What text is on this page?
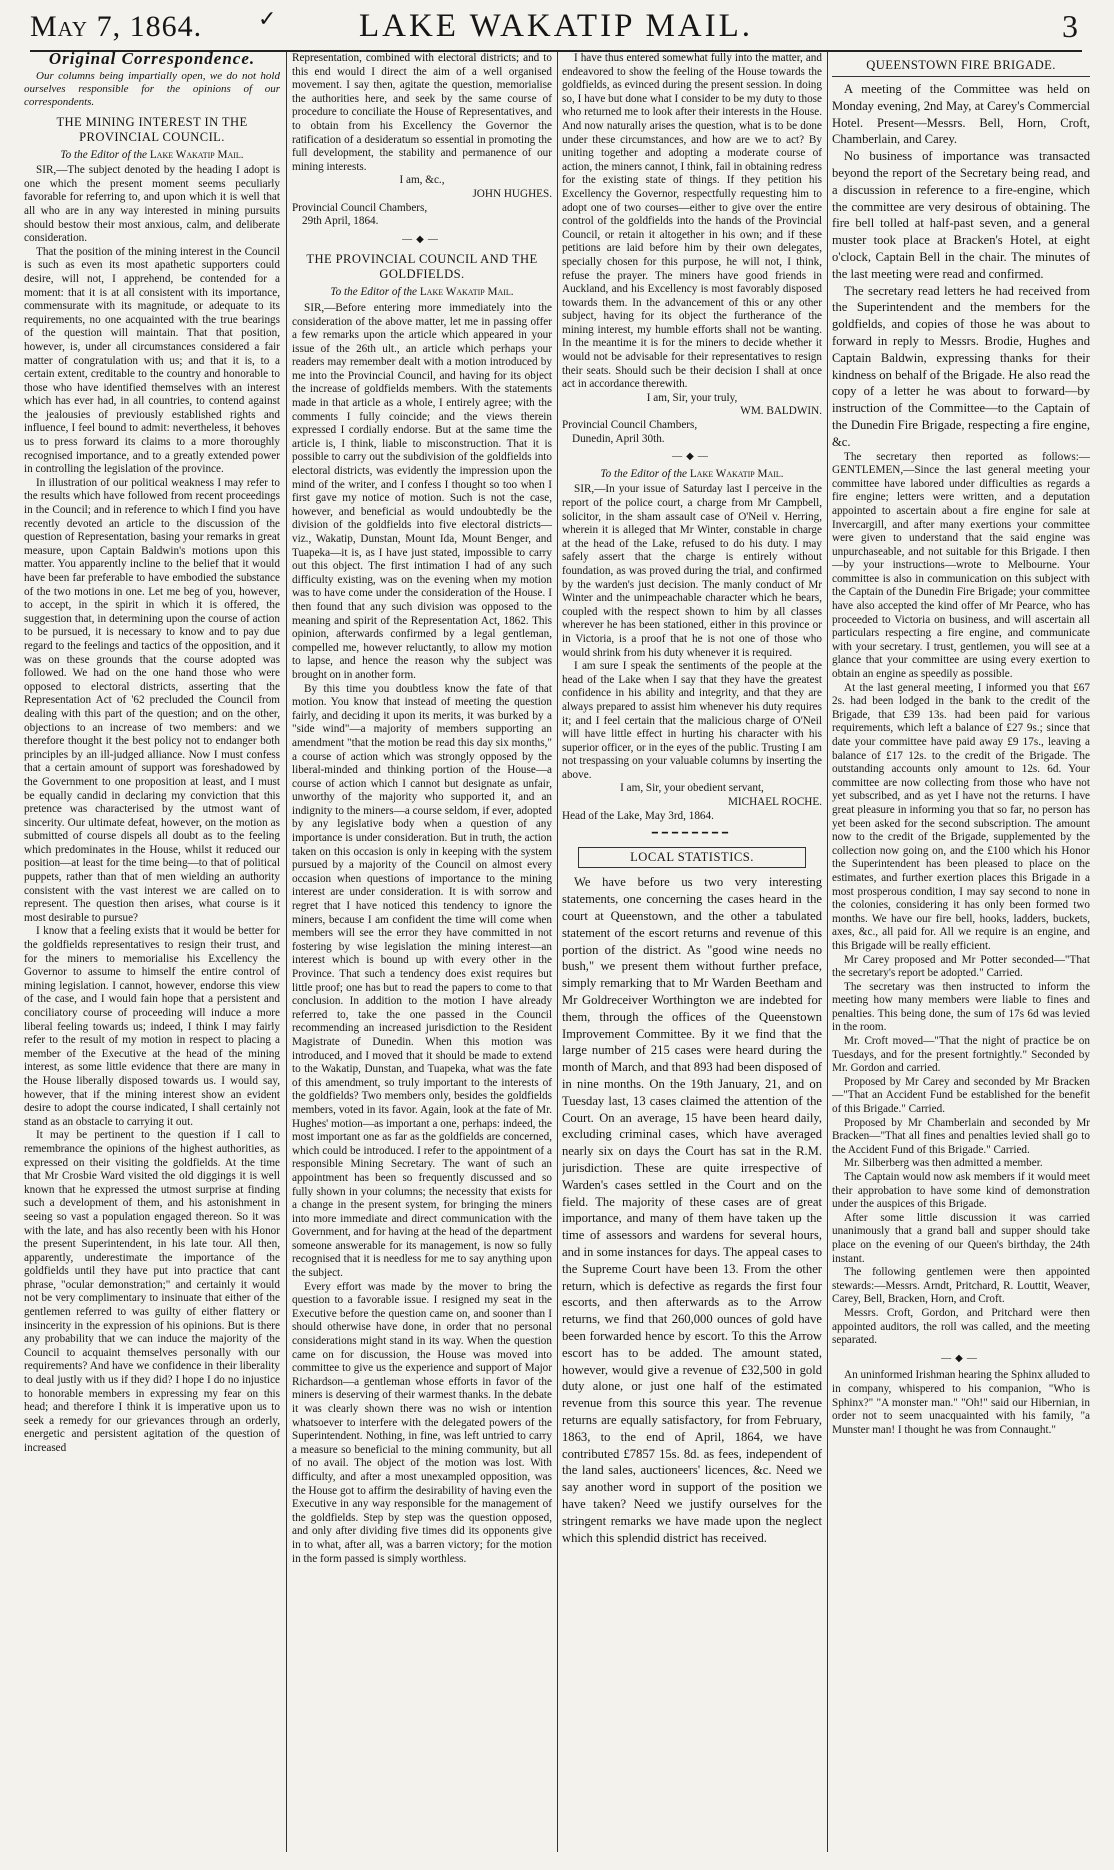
May 7, 1864.	✓	LAKE WAKATIP MAIL.	3
Original Correspondence.

Our columns being impartially open, we do not hold ourselves responsible for the opinions of our correspondents.

THE MINING INTEREST IN THE PROVINCIAL COUNCIL.
To the Editor of the Lake Wakatip Mail.

SIR,—The subject denoted by the heading I adopt is one which the present moment seems peculiarly favorable for referring to, and upon which it is well that all who are in any way interested in mining pursuits should bestow their most anxious, calm, and deliberate consideration.

That the position of the mining interest in the Council is such as even its most apathetic supporters could desire, will not, I apprehend, be contended for a moment: that it is at all consistent with its importance, commensurate with its magnitude, or adequate to its requirements, no one acquainted with the true bearings of the question will maintain. That that position, however, is, under all circumstances considered a fair matter of congratulation with us; and that it is, to a certain extent, creditable to the country and honorable to those who have identified themselves with an interest which has ever had, in all countries, to contend against the jealousies of previously established rights and influence, I feel bound to admit: nevertheless, it behoves us to press forward its claims to a more thoroughly recognised importance, and to a greatly extended power in controlling the legislation of the province.

In illustration of our political weakness I may refer to the results which have followed from recent proceedings in the Council; and in reference to which I find you have recently devoted an article to the discussion of the question of Representation, basing your remarks in great measure, upon Captain Baldwin's motions upon this matter. You apparently incline to the belief that it would have been far preferable to have embodied the substance of the two motions in one. Let me beg of you, however, to accept, in the spirit in which it is offered, the suggestion that, in determining upon the course of action to be pursued, it is necessary to know and to pay due regard to the feelings and tactics of the opposition, and it was on these grounds that the course adopted was followed. We had on the one hand those who were opposed to electoral districts, asserting that the Representation Act of '62 precluded the Council from dealing with this part of the question; and on the other, objections to an increase of two members: and we therefore thought it the best policy not to endanger both principles by an ill-judged alliance. Now I must confess that a certain amount of support was foreshadowed by the Government to one proposition at least, and I must be equally candid in declaring my conviction that this pretence was characterised by the utmost want of sincerity. Our ultimate defeat, however, on the motion as submitted of course dispels all doubt as to the feeling which predominates in the House, whilst it reduced our position—at least for the time being—to that of political puppets, rather than that of men wielding an authority consistent with the vast interest we are called on to represent. The question then arises, what course is it most desirable to pursue?

I know that a feeling exists that it would be better for the goldfields representatives to resign their trust, and for the miners to memorialise his Excellency the Governor to assume to himself the entire control of mining legislation. I cannot, however, endorse this view of the case, and I would fain hope that a persistent and conciliatory course of proceeding will induce a more liberal feeling towards us; indeed, I think I may fairly refer to the result of my motion in respect to placing a member of the Executive at the head of the mining interest, as some little evidence that there are many in the House liberally disposed towards us. I would say, however, that if the mining interest show an evident desire to adopt the course indicated, I shall certainly not stand as an obstacle to carrying it out.

It may be pertinent to the question if I call to remembrance the opinions of the highest authorities, as expressed on their visiting the goldfields. At the time that Mr Crosbie Ward visited the old diggings it is well known that he expressed the utmost surprise at finding such a development of them, and his astonishment in seeing so vast a population engaged thereon. So it was with the late, and has also recently been with his Honor the present Superintendent, in his late tour. All then, apparently, underestimate the importance of the goldfields until they have put into practice that cant phrase, "ocular demonstration;" and certainly it would not be very complimentary to insinuate that either of the gentlemen referred to was guilty of either flattery or insincerity in the expression of his opinions. But is there any probability that we can induce the majority of the Council to acquaint themselves personally with our requirements? And have we confidence in their liberality to deal justly with us if they did? I hope I do no injustice to honorable members in expressing my fear on this head; and therefore I think it is imperative upon us to seek a remedy for our grievances through an orderly, energetic and persistent agitation of the question of increased

Representation, combined with electoral districts; and to this end would I direct the aim of a well organised movement. I say then, agitate the question, memorialise the authorities here, and seek by the same course of procedure to conciliate the House of Representatives, and to obtain from his Excellency the Governor the ratification of a desideratum so essential in promoting the full development, the stability and permanence of our mining interests.

I am, &c.,

JOHN HUGHES.

Provincial Council Chambers,

29th April, 1864.

—◆—
THE PROVINCIAL COUNCIL AND THE GOLDFIELDS.
To the Editor of the Lake Wakatip Mail.

SIR,—Before entering more immediately into the consideration of the above matter, let me in passing offer a few remarks upon the article which appeared in your issue of the 26th ult., an article which perhaps your readers may remember dealt with a motion introduced by me into the Provincial Council, and having for its object the increase of goldfields members. With the statements made in that article as a whole, I entirely agree; with the comments I fully coincide; and the views therein expressed I cordially endorse. But at the same time the article is, I think, liable to misconstruction. That it is possible to carry out the subdivision of the goldfields into electoral districts, was evidently the impression upon the mind of the writer, and I confess I thought so too when I first gave my notice of motion. Such is not the case, however, and beneficial as would undoubtedly be the division of the goldfields into five electoral districts—viz., Wakatip, Dunstan, Mount Ida, Mount Benger, and Tuapeka—it is, as I have just stated, impossible to carry out this object. The first intimation I had of any such difficulty existing, was on the evening when my motion was to have come under the consideration of the House. I then found that any such division was opposed to the meaning and spirit of the Representation Act, 1862. This opinion, afterwards confirmed by a legal gentleman, compelled me, however reluctantly, to allow my motion to lapse, and hence the reason why the subject was brought on in another form.

By this time you doubtless know the fate of that motion. You know that instead of meeting the question fairly, and deciding it upon its merits, it was burked by a "side wind"—a majority of members supporting an amendment "that the motion be read this day six months," a course of action which was strongly opposed by the liberal-minded and thinking portion of the House—a course of action which I cannot but designate as unfair, unworthy of the majority who supported it, and an indignity to the miners—a course seldom, if ever, adopted by any legislative body when a question of any importance is under consideration. But in truth, the action taken on this occasion is only in keeping with the system pursued by a majority of the Council on almost every occasion when questions of importance to the mining interest are under consideration. It is with sorrow and regret that I have noticed this tendency to ignore the miners, because I am confident the time will come when members will see the error they have committed in not fostering by wise legislation the mining interest—an interest which is bound up with every other in the Province. That such a tendency does exist requires but little proof; one has but to read the papers to come to that conclusion. In addition to the motion I have already referred to, take the one passed in the Council recommending an increased jurisdiction to the Resident Magistrate of Dunedin. When this motion was introduced, and I moved that it should be made to extend to the Wakatip, Dunstan, and Tuapeka, what was the fate of this amendment, so truly important to the interests of the goldfields? Two members only, besides the goldfields members, voted in its favor. Again, look at the fate of Mr. Hughes' motion—as important a one, perhaps: indeed, the most important one as far as the goldfields are concerned, which could be introduced. I refer to the appointment of a responsible Mining Secretary. The want of such an appointment has been so frequently discussed and so fully shown in your columns; the necessity that exists for a change in the present system, for bringing the miners into more immediate and direct communication with the Government, and for having at the head of the department someone answerable for its management, is now so fully recognised that it is needless for me to say anything upon the subject.

Every effort was made by the mover to bring the question to a favorable issue. I resigned my seat in the Executive before the question came on, and sooner than I should otherwise have done, in order that no personal considerations might stand in its way. When the question came on for discussion, the House was moved into committee to give us the experience and support of Major Richardson—a gentleman whose efforts in favor of the miners is deserving of their warmest thanks. In the debate it was clearly shown there was no wish or intention whatsoever to interfere with the delegated powers of the Superintendent. Nothing, in fine, was left untried to carry a measure so beneficial to the mining community, but all of no avail. The object of the motion was lost. With difficulty, and after a most unexampled opposition, was the House got to affirm the desirability of having even the Executive in any way responsible for the management of the goldfields. Step by step was the question opposed, and only after dividing five times did its opponents give in to what, after all, was a barren victory; for the motion in the form passed is simply worthless.

I have thus entered somewhat fully into the matter, and endeavored to show the feeling of the House towards the goldfields, as evinced during the present session. In doing so, I have but done what I consider to be my duty to those who returned me to look after their interests in the House. And now naturally arises the question, what is to be done under these circumstances, and how are we to act? By uniting together and adopting a moderate course of action, the miners cannot, I think, fail in obtaining redress for the existing state of things. If they petition his Excellency the Governor, respectfully requesting him to adopt one of two courses—either to give over the entire control of the goldfields into the hands of the Provincial Council, or retain it altogether in his own; and if these petitions are laid before him by their own delegates, specially chosen for this purpose, he will not, I think, refuse the prayer. The miners have good friends in Auckland, and his Excellency is most favorably disposed towards them. In the advancement of this or any other subject, having for its object the furtherance of the mining interest, my humble efforts shall not be wanting. In the meantime it is for the miners to decide whether it would not be advisable for their representatives to resign their seats. Should such be their decision I shall at once act in accordance therewith.

I am, Sir, your truly,

WM. BALDWIN.

Provincial Council Chambers,

Dunedin, April 30th.

—◆—
To the Editor of the Lake Wakatip Mail.

SIR,—In your issue of Saturday last I perceive in the report of the police court, a charge from Mr Campbell, solicitor, in the sham assault case of O'Neil v. Herring, wherein it is alleged that Mr Winter, constable in charge at the head of the Lake, refused to do his duty. I may safely assert that the charge is entirely without foundation, as was proved during the trial, and confirmed by the warden's just decision. The manly conduct of Mr Winter and the unimpeachable character which he bears, coupled with the respect shown to him by all classes wherever he has been stationed, either in this province or in Victoria, is a proof that he is not one of those who would shrink from his duty whenever it is required.

I am sure I speak the sentiments of the people at the head of the Lake when I say that they have the greatest confidence in his ability and integrity, and that they are always prepared to assist him whenever his duty requires it; and I feel certain that the malicious charge of O'Neil will have little effect in hurting his character with his superior officer, or in the eyes of the public. Trusting I am not trespassing on your valuable columns by inserting the above.

I am, Sir, your obedient servant,

MICHAEL ROCHE.

Head of the Lake, May 3rd, 1864.

━━━━━━━━
LOCAL STATISTICS.

We have before us two very interesting statements, one concerning the cases heard in the court at Queenstown, and the other a tabulated statement of the escort returns and revenue of this portion of the district. As "good wine needs no bush," we present them without further preface, simply remarking that to Mr Warden Beetham and Mr Goldreceiver Worthington we are indebted for them, through the offices of the Queenstown Improvement Committee. By it we find that the large number of 215 cases were heard during the month of March, and that 893 had been disposed of in nine months. On the 19th January, 21, and on Tuesday last, 13 cases claimed the attention of the Court. On an average, 15 have been heard daily, excluding criminal cases, which have averaged nearly six on days the Court has sat in the R.M. jurisdiction. These are quite irrespective of Warden's cases settled in the Court and on the field. The majority of these cases are of great importance, and many of them have taken up the time of assessors and wardens for several hours, and in some instances for days. The appeal cases to the Supreme Court have been 13. From the other return, which is defective as regards the first four escorts, and then afterwards as to the Arrow returns, we find that 260,000 ounces of gold have been forwarded hence by escort. To this the Arrow escort has to be added. The amount stated, however, would give a revenue of £32,500 in gold duty alone, or just one half of the estimated revenue from this source this year. The revenue returns are equally satisfactory, for from February, 1863, to the end of April, 1864, we have contributed £7857 15s. 8d. as fees, independent of the land sales, auctioneers' licences, &c. Need we say another word in support of the position we have taken? Need we justify ourselves for the stringent remarks we have made upon the neglect which this splendid district has received.

QUEENSTOWN FIRE BRIGADE.

A meeting of the Committee was held on Monday evening, 2nd May, at Carey's Commercial Hotel. Present—Messrs. Bell, Horn, Croft, Chamberlain, and Carey.

No business of importance was transacted beyond the report of the Secretary being read, and a discussion in reference to a fire-engine, which the committee are very desirous of obtaining. The fire bell tolled at half-past seven, and a general muster took place at Bracken's Hotel, at eight o'clock, Captain Bell in the chair. The minutes of the last meeting were read and confirmed.

The secretary read letters he had received from the Superintendent and the members for the goldfields, and copies of those he was about to forward in reply to Messrs. Brodie, Hughes and Captain Baldwin, expressing thanks for their kindness on behalf of the Brigade. He also read the copy of a letter he was about to forward—by instruction of the Committee—to the Captain of the Dunedin Fire Brigade, respecting a fire engine, &c.

The secretary then reported as follows:—GENTLEMEN,—Since the last general meeting your committee have labored under difficulties as regards a fire engine; letters were written, and a deputation appointed to ascertain about a fire engine for sale at Invercargill, and after many exertions your committee were given to understand that the said engine was unpurchaseable, and not suitable for this Brigade. I then—by your instructions—wrote to Melbourne. Your committee is also in communication on this subject with the Captain of the Dunedin Fire Brigade; your committee have also accepted the kind offer of Mr Pearce, who has proceeded to Victoria on business, and will ascertain all particulars respecting a fire engine, and communicate with your secretary. I trust, gentlemen, you will see at a glance that your committee are using every exertion to obtain an engine as speedily as possible.

At the last general meeting, I informed you that £67 2s. had been lodged in the bank to the credit of the Brigade, that £39 13s. had been paid for various requirements, which left a balance of £27 9s.; since that date your committee have paid away £9 17s., leaving a balance of £17 12s. to the credit of the Brigade. The outstanding accounts only amount to 12s. 6d. Your committee are now collecting from those who have not yet subscribed, and as yet I have not the returns. I have great pleasure in informing you that so far, no person has yet been asked for the second subscription. The amount now to the credit of the Brigade, supplemented by the collection now going on, and the £100 which his Honor the Superintendent has been pleased to place on the estimates, and further exertion places this Brigade in a most prosperous condition, I may say second to none in the colonies, considering it has only been formed two months. We have our fire bell, hooks, ladders, buckets, axes, &c., all paid for. All we require is an engine, and this Brigade will be really efficient.

Mr Carey proposed and Mr Potter seconded—"That the secretary's report be adopted." Carried.

The secretary was then instructed to inform the meeting how many members were liable to fines and penalties. This being done, the sum of 17s 6d was levied in the room.

Mr. Croft moved—"That the night of practice be on Tuesdays, and for the present fortnightly." Seconded by Mr. Gordon and carried.

Proposed by Mr Carey and seconded by Mr Bracken—"That an Accident Fund be established for the benefit of this Brigade." Carried.

Proposed by Mr Chamberlain and seconded by Mr Bracken—"That all fines and penalties levied shall go to the Accident Fund of this Brigade." Carried.

Mr. Silberberg was then admitted a member.

The Captain would now ask members if it would meet their approbation to have some kind of demonstration under the auspices of this Brigade.

After some little discussion it was carried unanimously that a grand ball and supper should take place on the evening of our Queen's birthday, the 24th instant.

The following gentlemen were then appointed stewards:—Messrs. Arndt, Pritchard, R. Louttit, Weaver, Carey, Bell, Bracken, Horn, and Croft.

Messrs. Croft, Gordon, and Pritchard were then appointed auditors, the roll was called, and the meeting separated.

—◆—

An uninformed Irishman hearing the Sphinx alluded to in company, whispered to his companion, "Who is Sphinx?" "A monster man." "Oh!" said our Hibernian, in order not to seem unacquainted with his family, "a Munster man! I thought he was from Connaught."
